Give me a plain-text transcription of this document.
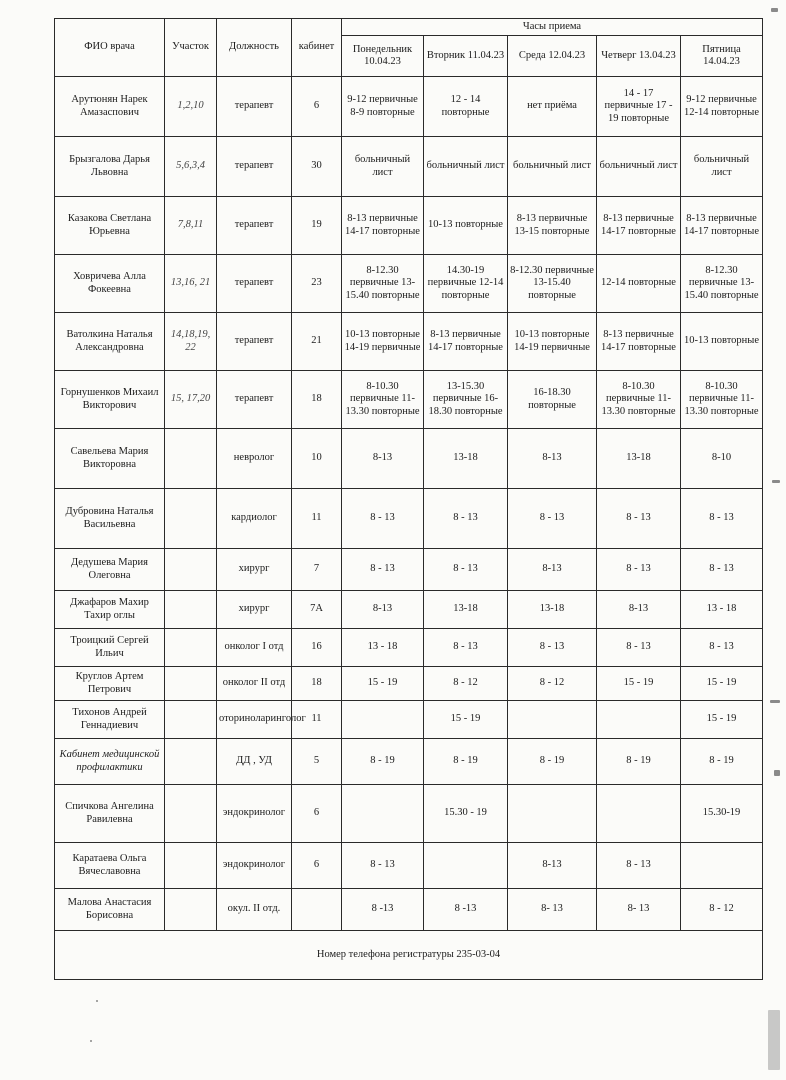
ФИО врача	Участок	Должность	кабинет	Часы приема				
				Понедельник 10.04.23	Вторник 11.04.23	Среда 12.04.23	Четверг 13.04.23	Пятница 14.04.23
Арутюнян Нарек Амазаспович	1,2,10	терапевт	6	9-12 первичные 8-9 повторные	12 - 14 повторные	нет приёма	14 - 17 первичные 17 - 19 повторные	9-12 первичные 12-14 повторные
Брызгалова Дарья Львовна	5,6,3,4	терапевт	30	больничный лист	больничный лист	больничный лист	больничный лист	больничный лист
Казакова Светлана Юрьевна	7,8,11	терапевт	19	8-13 первичные 14-17 повторные	10-13 повторные	8-13 первичные 13-15 повторные	8-13 первичные 14-17 повторные	8-13 первичные 14-17 повторные
Ховричева Алла Фокеевна	13,16, 21	терапевт	23	8-12.30 первичные 13-15.40 повторные	14.30-19 первичные 12-14 повторные	8-12.30 первичные 13-15.40 повторные	12-14 повторные	8-12.30 первичные 13-15.40 повторные
Ватолкина Наталья Александровна	14,18,19, 22	терапевт	21	10-13 повторные 14-19 первичные	8-13 первичные 14-17 повторные	10-13 повторные 14-19 первичные	8-13 первичные 14-17 повторные	10-13 повторные
Горнушенков Михаил Викторович	15, 17,20	терапевт	18	8-10.30 первичные 11-13.30 повторные	13-15.30 первичные 16-18.30 повторные	16-18.30 повторные	8-10.30 первичные 11-13.30 повторные	8-10.30 первичные 11-13.30 повторные
Савельева Мария Викторовна		невролог	10	8-13	13-18	8-13	13-18	8-10
Дубровина Наталья Васильевна		кардиолог	11	8 - 13	8 - 13	8 - 13	8 - 13	8 - 13
Дедушева Мария Олеговна		хирург	7	8 - 13	8 - 13	8-13	8 - 13	8 - 13
Джафаров Махир Тахир оглы		хирург	7А	8-13	13-18	13-18	8-13	13 - 18
Троицкий Сергей Ильич		онколог I отд	16	13 - 18	8 - 13	8 - 13	8 - 13	8 - 13
Круглов Артем Петрович		онколог II отд	18	15 - 19	8 - 12	8 - 12	15 - 19	15 - 19
Тихонов Андрей Геннадиевич		оториноларинголог	11		15 - 19			15 - 19
Кабинет медицинской профилактики		ДД , УД	5	8 - 19	8 - 19	8 - 19	8 - 19	8 - 19
Спичкова Ангелина Равилевна		эндокринолог	6		15.30 - 19			15.30-19
Каратаева Ольга Вячеславовна		эндокринолог	6	8 - 13		8-13	8 - 13	
Малова Анастасия Борисовна		окул. II отд.		8 -13	8 -13	8- 13	8- 13	8 - 12
Номер телефона регистратуры 235-03-04								
